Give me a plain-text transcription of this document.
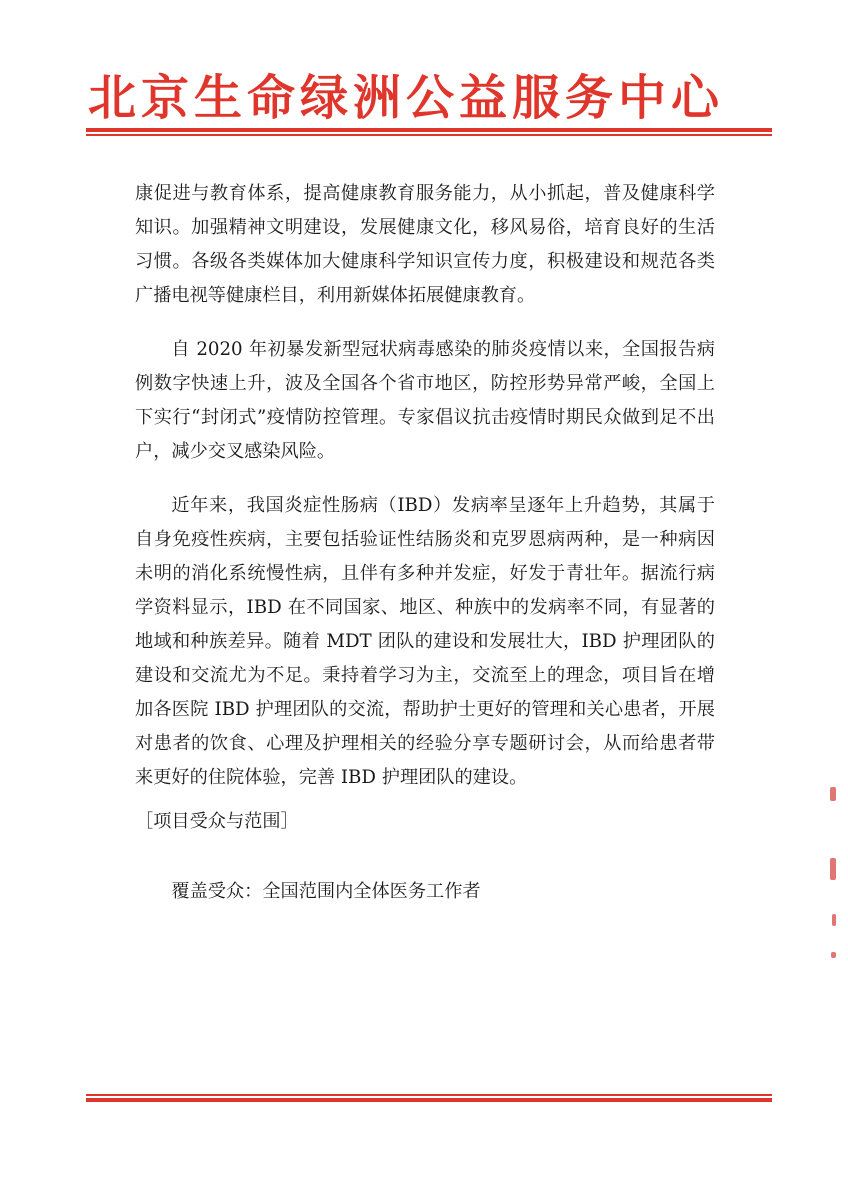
北京生命绿洲公益服务中心

康促进与教育体系，提高健康教育服务能力，从小抓起，普及健康科学知识。加强精神文明建设，发展健康文化，移风易俗，培育良好的生活习惯。各级各类媒体加大健康科学知识宣传力度，积极建设和规范各类广播电视等健康栏目，利用新媒体拓展健康教育。

自 2020 年初暴发新型冠状病毒感染的肺炎疫情以来，全国报告病例数字快速上升，波及全国各个省市地区，防控形势异常严峻，全国上下实行“封闭式”疫情防控管理。专家倡议抗击疫情时期民众做到足不出户，减少交叉感染风险。

近年来，我国炎症性肠病（IBD）发病率呈逐年上升趋势，其属于自身免疫性疾病，主要包括验证性结肠炎和克罗恩病两种，是一种病因未明的消化系统慢性病，且伴有多种并发症，好发于青壮年。据流行病学资料显示，IBD 在不同国家、地区、种族中的发病率不同，有显著的地域和种族差异。随着 MDT 团队的建设和发展壮大，IBD 护理团队的建设和交流尤为不足。秉持着学习为主，交流至上的理念，项目旨在增加各医院 IBD 护理团队的交流，帮助护士更好的管理和关心患者，开展对患者的饮食、心理及护理相关的经验分享专题研讨会，从而给患者带来更好的住院体验，完善 IBD 护理团队的建设。

［项目受众与范围］

覆盖受众：全国范围内全体医务工作者
